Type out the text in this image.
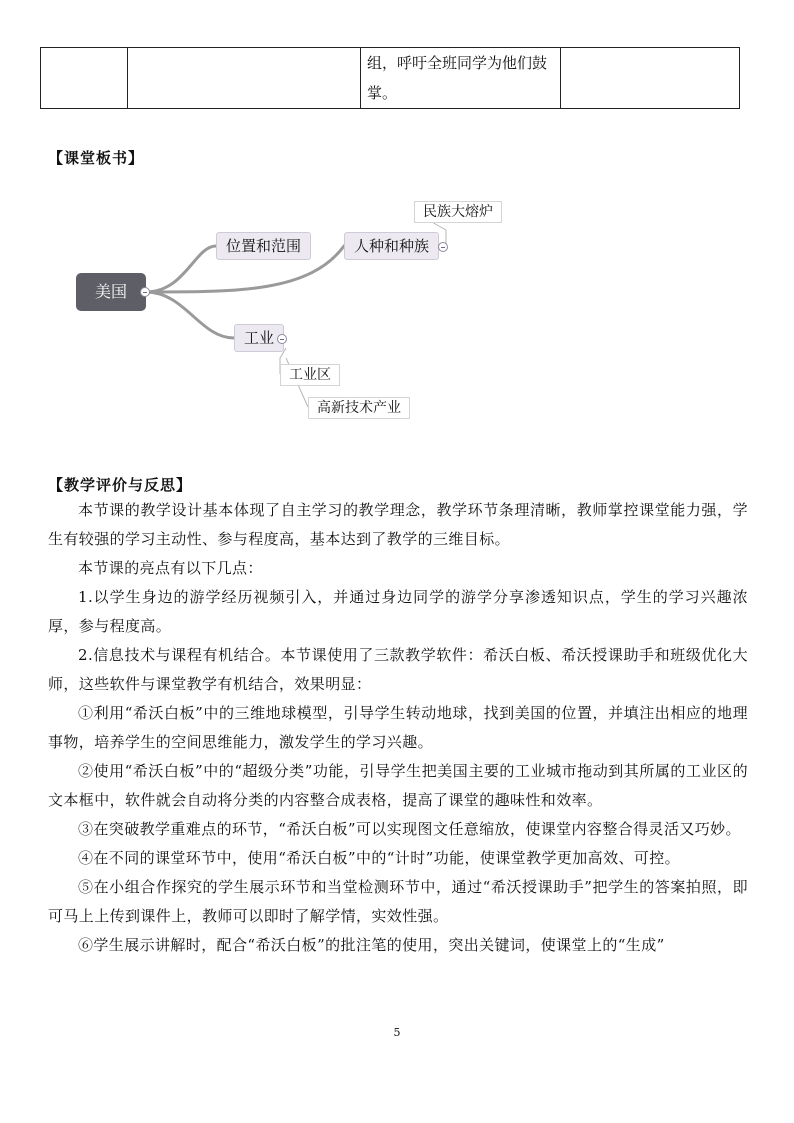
		组，呼吁全班同学为他们鼓掌。	
【课堂板书】
美国
位置和范围	人种和种族
工业
民族大熔炉
工业区
高新技术产业
【教学评价与反思】

本节课的教学设计基本体现了自主学习的教学理念，教学环节条理清晰，教师掌控课堂能力强，学生有较强的学习主动性、参与程度高，基本达到了教学的三维目标。

本节课的亮点有以下几点：

1.以学生身边的游学经历视频引入，并通过身边同学的游学分享渗透知识点，学生的学习兴趣浓厚，参与程度高。

2.信息技术与课程有机结合。本节课使用了三款教学软件：希沃白板、希沃授课助手和班级优化大师，这些软件与课堂教学有机结合，效果明显：

①利用“希沃白板”中的三维地球模型，引导学生转动地球，找到美国的位置，并填注出相应的地理事物，培养学生的空间思维能力，激发学生的学习兴趣。

②使用“希沃白板”中的“超级分类”功能，引导学生把美国主要的工业城市拖动到其所属的工业区的文本框中，软件就会自动将分类的内容整合成表格，提高了课堂的趣味性和效率。

③在突破教学重难点的环节，“希沃白板”可以实现图文任意缩放，使课堂内容整合得灵活又巧妙。

④在不同的课堂环节中，使用“希沃白板”中的“计时”功能，使课堂教学更加高效、可控。

⑤在小组合作探究的学生展示环节和当堂检测环节中，通过“希沃授课助手”把学生的答案拍照，即可马上上传到课件上，教师可以即时了解学情，实效性强。

⑥学生展示讲解时，配合“希沃白板”的批注笔的使用，突出关键词，使课堂上的“生成”

5
